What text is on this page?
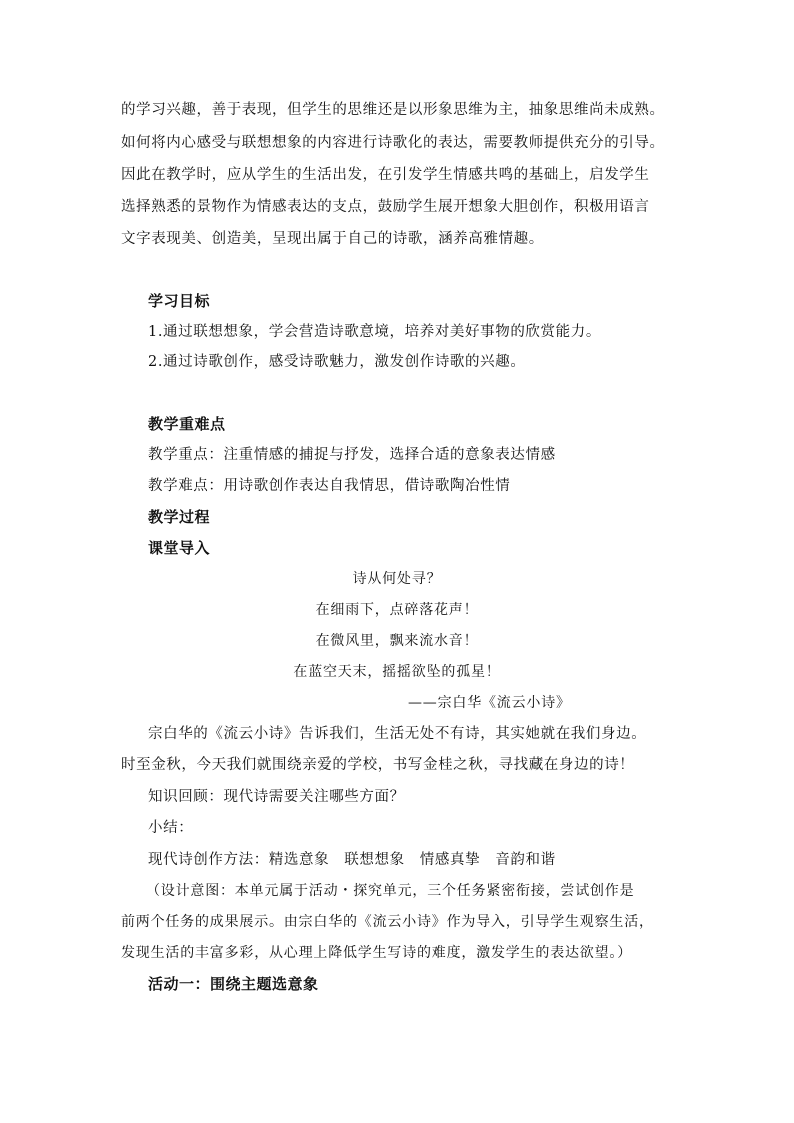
的学习兴趣，善于表现，但学生的思维还是以形象思维为主，抽象思维尚未成熟。
如何将内心感受与联想想象的内容进行诗歌化的表达，需要教师提供充分的引导。
因此在教学时，应从学生的生活出发，在引发学生情感共鸣的基础上，启发学生
选择熟悉的景物作为情感表达的支点，鼓励学生展开想象大胆创作，积极用语言
文字表现美、创造美，呈现出属于自己的诗歌，涵养高雅情趣。
学习目标
1.通过联想想象，学会营造诗歌意境，培养对美好事物的欣赏能力。
2.通过诗歌创作，感受诗歌魅力，激发创作诗歌的兴趣。
教学重难点
教学重点：注重情感的捕捉与抒发，选择合适的意象表达情感
教学难点：用诗歌创作表达自我情思，借诗歌陶冶性情
教学过程
课堂导入
诗从何处寻？
在细雨下，点碎落花声！
在微风里，飘来流水音！
在蓝空天末，摇摇欲坠的孤星！
——宗白华《流云小诗》
宗白华的《流云小诗》告诉我们，生活无处不有诗，其实她就在我们身边。
时至金秋，今天我们就围绕亲爱的学校，书写金桂之秋，寻找藏在身边的诗！
知识回顾：现代诗需要关注哪些方面？
小结：
现代诗创作方法：精选意象　联想想象　情感真挚　音韵和谐
（设计意图：本单元属于活动・探究单元，三个任务紧密衔接，尝试创作是
前两个任务的成果展示。由宗白华的《流云小诗》作为导入，引导学生观察生活，
发现生活的丰富多彩，从心理上降低学生写诗的难度，激发学生的表达欲望。）
活动一：围绕主题选意象
